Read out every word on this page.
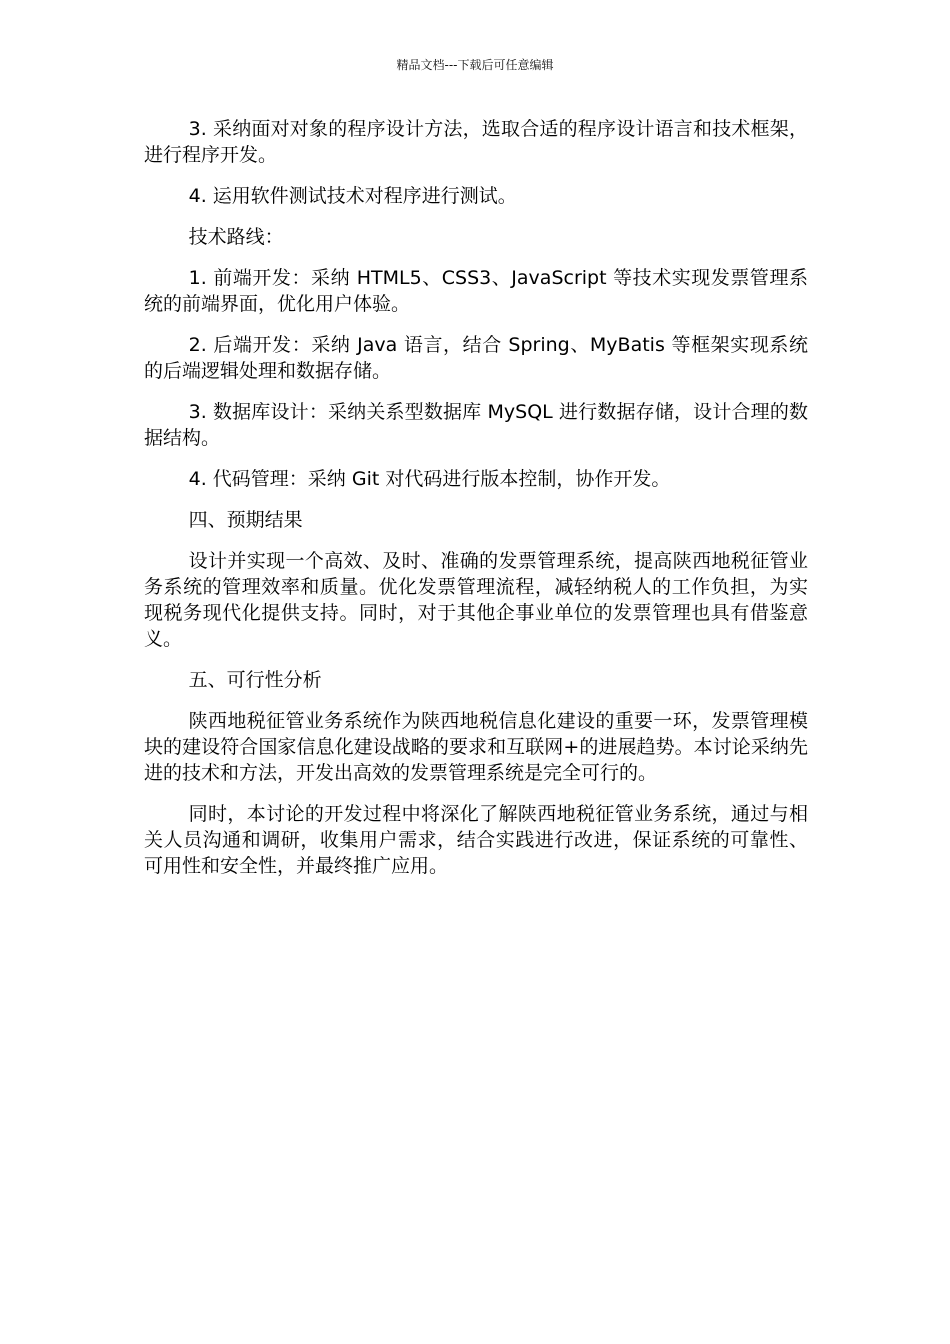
精品文档---下载后可任意编辑

3. 采纳面对对象的程序设计方法，选取合适的程序设计语言和技术框架，进行程序开发。

4. 运用软件测试技术对程序进行测试。

技术路线：

1. 前端开发：采纳 HTML5、CSS3、JavaScript 等技术实现发票管理系统的前端界面，优化用户体验。

2. 后端开发：采纳 Java 语言，结合 Spring、MyBatis 等框架实现系统的后端逻辑处理和数据存储。

3. 数据库设计：采纳关系型数据库 MySQL 进行数据存储，设计合理的数据结构。

4. 代码管理：采纳 Git 对代码进行版本控制，协作开发。

四、预期结果

设计并实现一个高效、及时、准确的发票管理系统，提高陕西地税征管业务系统的管理效率和质量。优化发票管理流程，减轻纳税人的工作负担，为实现税务现代化提供支持。同时，对于其他企事业单位的发票管理也具有借鉴意义。

五、可行性分析

陕西地税征管业务系统作为陕西地税信息化建设的重要一环，发票管理模块的建设符合国家信息化建设战略的要求和互联网+的进展趋势。本讨论采纳先进的技术和方法，开发出高效的发票管理系统是完全可行的。

同时，本讨论的开发过程中将深化了解陕西地税征管业务系统，通过与相关人员沟通和调研，收集用户需求，结合实践进行改进，保证系统的可靠性、可用性和安全性，并最终推广应用。
